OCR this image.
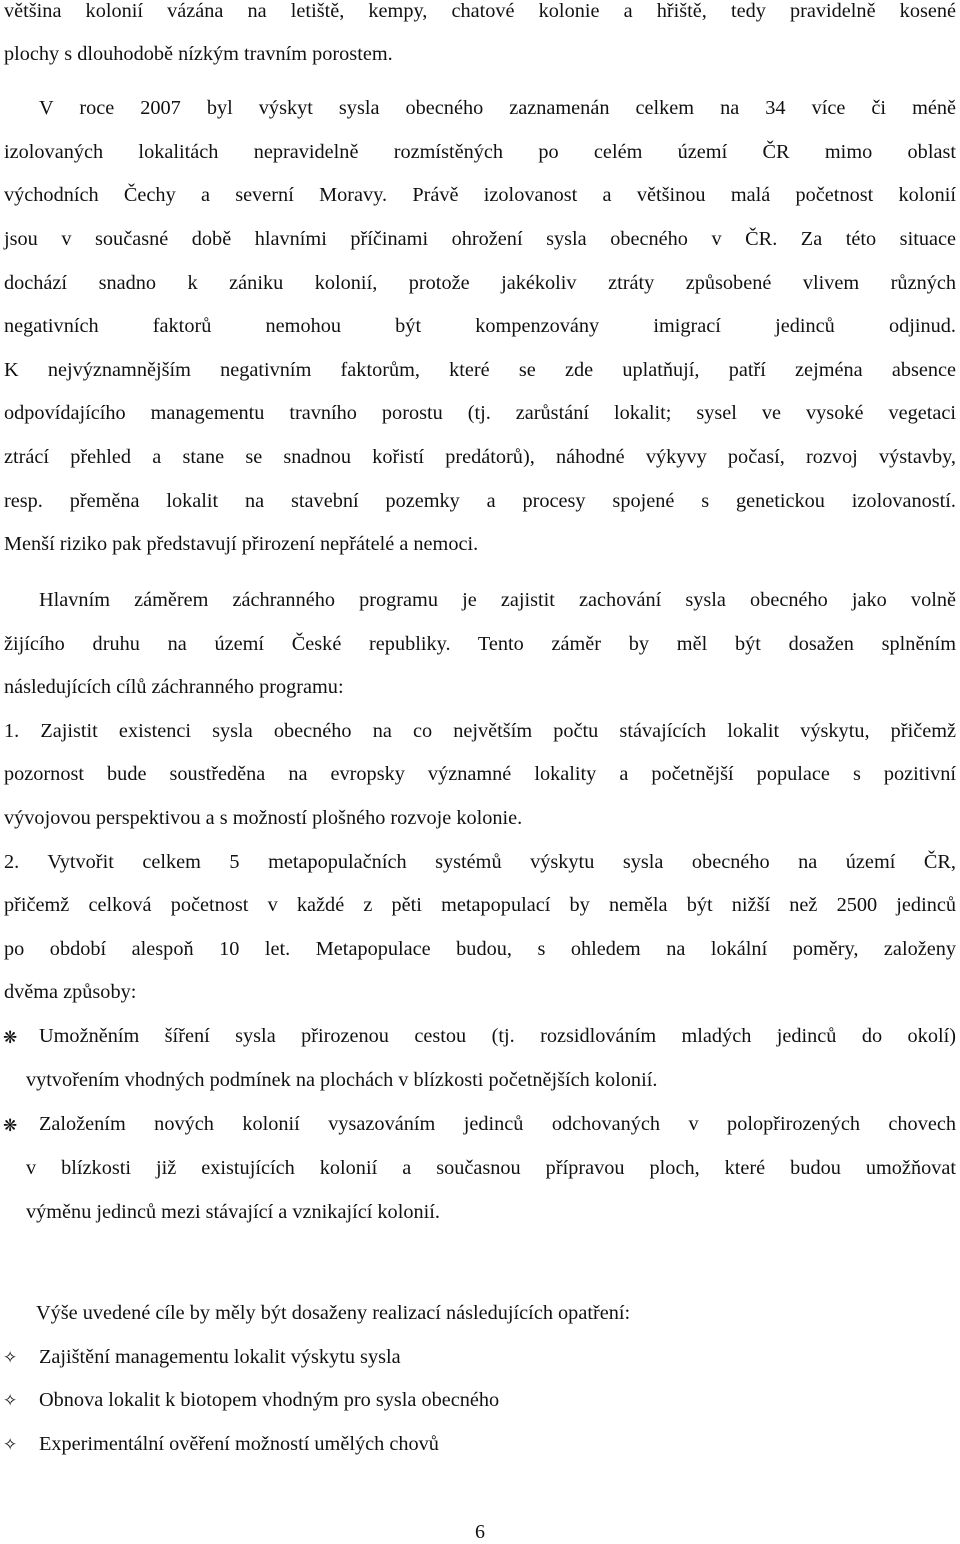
většina kolonií vázána na letiště, kempy, chatové kolonie a hřiště, tedy pravidelně kosené
plochy s dlouhodobě nízkým travním porostem.
V roce 2007 byl výskyt sysla obecného zaznamenán celkem na 34 více či méně
izolovaných lokalitách nepravidelně rozmístěných po celém území ČR mimo oblast
východních Čechy a severní Moravy. Právě izolovanost a většinou malá početnost kolonií
jsou v současné době hlavními příčinami ohrožení sysla obecného v ČR. Za této situace
dochází snadno k zániku kolonií, protože jakékoliv ztráty způsobené vlivem různých
negativních faktorů nemohou být kompenzovány imigrací jedinců odjinud.
K nejvýznamnějším negativním faktorům, které se zde uplatňují, patří zejména absence
odpovídajícího managementu travního porostu (tj. zarůstání lokalit; sysel ve vysoké vegetaci
ztrácí přehled a stane se snadnou kořistí predátorů), náhodné výkyvy počasí, rozvoj výstavby,
resp. přeměna lokalit na stavební pozemky a procesy spojené s genetickou izolovaností.
Menší riziko pak představují přirození nepřátelé a nemoci.
Hlavním záměrem záchranného programu je zajistit zachování sysla obecného jako volně
žijícího druhu na území České republiky. Tento záměr by měl být dosažen splněním
následujících cílů záchranného programu:
1. Zajistit existenci sysla obecného na co největším počtu stávajících lokalit výskytu, přičemž
pozornost bude soustředěna na evropsky významné lokality a početnější populace s pozitivní
vývojovou perspektivou a s možností plošného rozvoje kolonie.
2. Vytvořit celkem 5 metapopulačních systémů výskytu sysla obecného na území ČR,
přičemž celková početnost v každé z pěti metapopulací by neměla být nižší než 2500 jedinců
po období alespoň 10 let. Metapopulace budou, s ohledem na lokální poměry, založeny
dvěma způsoby:
❋	Umožněním šíření sysla přirozenou cestou (tj. rozsidlováním mladých jedinců do okolí)
vytvořením vhodných podmínek na plochách v blízkosti početnějších kolonií.
❋	Založením nových kolonií vysazováním jedinců odchovaných v polopřirozených chovech
v blízkosti již existujících kolonií a současnou přípravou ploch, které budou umožňovat
výměnu jedinců mezi stávající a vznikající kolonií.
Výše uvedené cíle by měly být dosaženy realizací následujících opatření:
✧	Zajištění managementu lokalit výskytu sysla
✧	Obnova lokalit k biotopem vhodným pro sysla obecného
✧	Experimentální ověření možností umělých chovů
6
